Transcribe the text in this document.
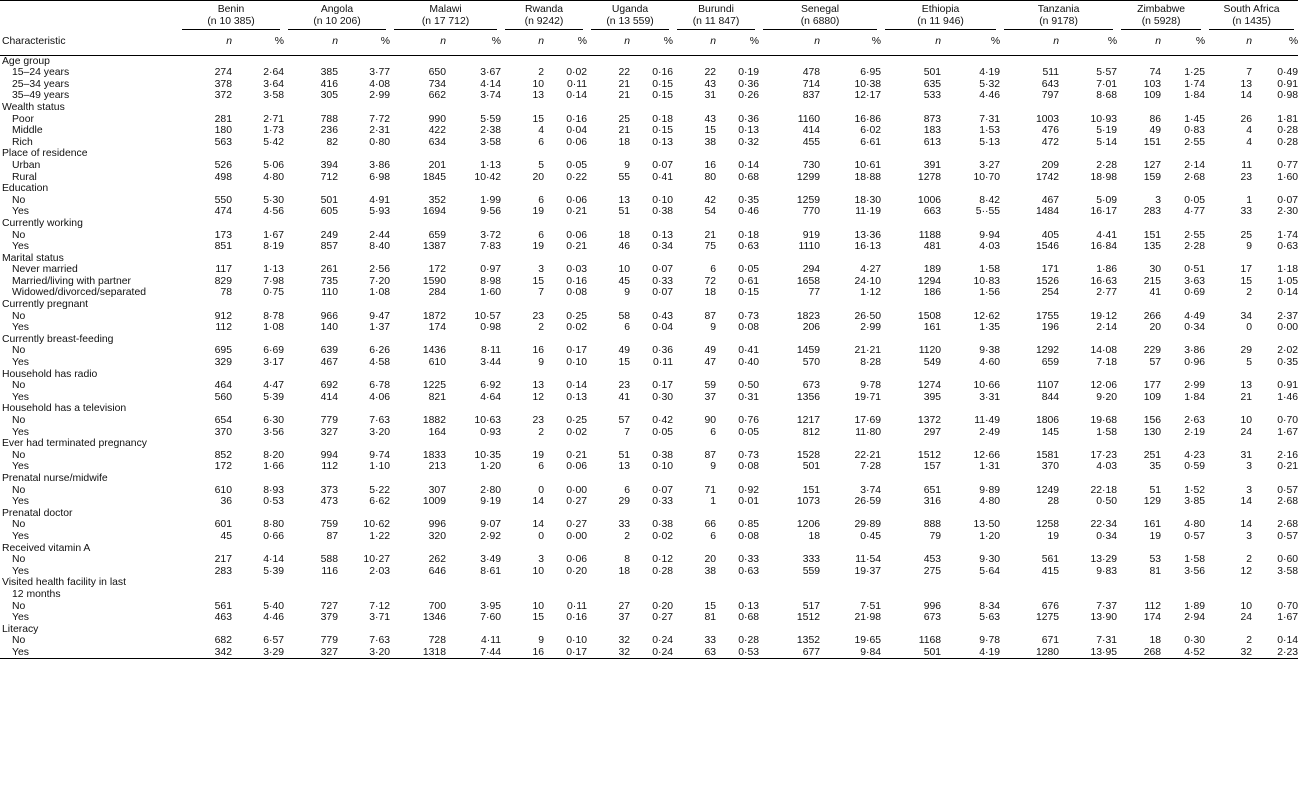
	Benin
(n 10 385)		Angola
(n 10 206)		Malawi
(n 17 712)		Rwanda
(n 9242)		Uganda
(n 13 559)		Burundi
(n 11 847)		Senegal
(n 6880)		Ethiopia
(n 11 946)		Tanzania
(n 9178)		Zimbabwe
(n 5928)		South Africa
(n 1435)	

Characteristic	n	%	n	%	n	%	n	%	n	%	n	%	n	%	n	%	n	%	n	%	n	%
Age group																						
15–24 years	274	2·64	385	3·77	650	3·67	2	0·02	22	0·16	22	0·19	478	6·95	501	4·19	511	5·57	74	1·25	7	0·49
25–34 years	378	3·64	416	4·08	734	4·14	10	0·11	21	0·15	43	0·36	714	10·38	635	5·32	643	7·01	103	1·74	13	0·91
35–49 years	372	3·58	305	2·99	662	3·74	13	0·14	21	0·15	31	0·26	837	12·17	533	4·46	797	8·68	109	1·84	14	0·98
Wealth status																						
Poor	281	2·71	788	7·72	990	5·59	15	0·16	25	0·18	43	0·36	1160	16·86	873	7·31	1003	10·93	86	1·45	26	1·81
Middle	180	1·73	236	2·31	422	2·38	4	0·04	21	0·15	15	0·13	414	6·02	183	1·53	476	5·19	49	0·83	4	0·28
Rich	563	5·42	82	0·80	634	3·58	6	0·06	18	0·13	38	0·32	455	6·61	613	5·13	472	5·14	151	2·55	4	0·28
Place of residence																						
Urban	526	5·06	394	3·86	201	1·13	5	0·05	9	0·07	16	0·14	730	10·61	391	3·27	209	2·28	127	2·14	11	0·77
Rural	498	4·80	712	6·98	1845	10·42	20	0·22	55	0·41	80	0·68	1299	18·88	1278	10·70	1742	18·98	159	2·68	23	1·60
Education																						
No	550	5·30	501	4·91	352	1·99	6	0·06	13	0·10	42	0·35	1259	18·30	1006	8·42	467	5·09	3	0·05	1	0·07
Yes	474	4·56	605	5·93	1694	9·56	19	0·21	51	0·38	54	0·46	770	11·19	663	5··55	1484	16·17	283	4·77	33	2·30
Currently working																						
No	173	1·67	249	2·44	659	3·72	6	0·06	18	0·13	21	0·18	919	13·36	1188	9·94	405	4·41	151	2·55	25	1·74
Yes	851	8·19	857	8·40	1387	7·83	19	0·21	46	0·34	75	0·63	1110	16·13	481	4·03	1546	16·84	135	2·28	9	0·63
Marital status																						
Never married	117	1·13	261	2·56	172	0·97	3	0·03	10	0·07	6	0·05	294	4·27	189	1·58	171	1·86	30	0·51	17	1·18
Married/living with partner	829	7·98	735	7·20	1590	8·98	15	0·16	45	0·33	72	0·61	1658	24·10	1294	10·83	1526	16·63	215	3·63	15	1·05
Widowed/divorced/separated	78	0·75	110	1·08	284	1·60	7	0·08	9	0·07	18	0·15	77	1·12	186	1·56	254	2·77	41	0·69	2	0·14
Currently pregnant																						
No	912	8·78	966	9·47	1872	10·57	23	0·25	58	0·43	87	0·73	1823	26·50	1508	12·62	1755	19·12	266	4·49	34	2·37
Yes	112	1·08	140	1·37	174	0·98	2	0·02	6	0·04	9	0·08	206	2·99	161	1·35	196	2·14	20	0·34	0	0·00
Currently breast-feeding																						
No	695	6·69	639	6·26	1436	8·11	16	0·17	49	0·36	49	0·41	1459	21·21	1120	9·38	1292	14·08	229	3·86	29	2·02
Yes	329	3·17	467	4·58	610	3·44	9	0·10	15	0·11	47	0·40	570	8·28	549	4·60	659	7·18	57	0·96	5	0·35
Household has radio																						
No	464	4·47	692	6·78	1225	6·92	13	0·14	23	0·17	59	0·50	673	9·78	1274	10·66	1107	12·06	177	2·99	13	0·91
Yes	560	5·39	414	4·06	821	4·64	12	0·13	41	0·30	37	0·31	1356	19·71	395	3·31	844	9·20	109	1·84	21	1·46
Household has a television																						
No	654	6·30	779	7·63	1882	10·63	23	0·25	57	0·42	90	0·76	1217	17·69	1372	11·49	1806	19·68	156	2·63	10	0·70
Yes	370	3·56	327	3·20	164	0·93	2	0·02	7	0·05	6	0·05	812	11·80	297	2·49	145	1·58	130	2·19	24	1·67
Ever had terminated pregnancy																						
No	852	8·20	994	9·74	1833	10·35	19	0·21	51	0·38	87	0·73	1528	22·21	1512	12·66	1581	17·23	251	4·23	31	2·16
Yes	172	1·66	112	1·10	213	1·20	6	0·06	13	0·10	9	0·08	501	7·28	157	1·31	370	4·03	35	0·59	3	0·21
Prenatal nurse/midwife																						
No	610	8·93	373	5·22	307	2·80	0	0·00	6	0·07	71	0·92	151	3·74	651	9·89	1249	22·18	51	1·52	3	0·57
Yes	36	0·53	473	6·62	1009	9·19	14	0·27	29	0·33	1	0·01	1073	26·59	316	4·80	28	0·50	129	3·85	14	2·68
Prenatal doctor																						
No	601	8·80	759	10·62	996	9·07	14	0·27	33	0·38	66	0·85	1206	29·89	888	13·50	1258	22·34	161	4·80	14	2·68
Yes	45	0·66	87	1·22	320	2·92	0	0·00	2	0·02	6	0·08	18	0·45	79	1·20	19	0·34	19	0·57	3	0·57
Received vitamin A																						
No	217	4·14	588	10·27	262	3·49	3	0·06	8	0·12	20	0·33	333	11·54	453	9·30	561	13·29	53	1·58	2	0·60
Yes	283	5·39	116	2·03	646	8·61	10	0·20	18	0·28	38	0·63	559	19·37	275	5·64	415	9·83	81	3·56	12	3·58
Visited health facility in last																						
12 months																						
No	561	5·40	727	7·12	700	3·95	10	0·11	27	0·20	15	0·13	517	7·51	996	8·34	676	7·37	112	1·89	10	0·70
Yes	463	4·46	379	3·71	1346	7·60	15	0·16	37	0·27	81	0·68	1512	21·98	673	5·63	1275	13·90	174	2·94	24	1·67
Literacy																						
No	682	6·57	779	7·63	728	4·11	9	0·10	32	0·24	33	0·28	1352	19·65	1168	9·78	671	7·31	18	0·30	2	0·14
Yes	342	3·29	327	3·20	1318	7·44	16	0·17	32	0·24	63	0·53	677	9·84	501	4·19	1280	13·95	268	4·52	32	2·23
